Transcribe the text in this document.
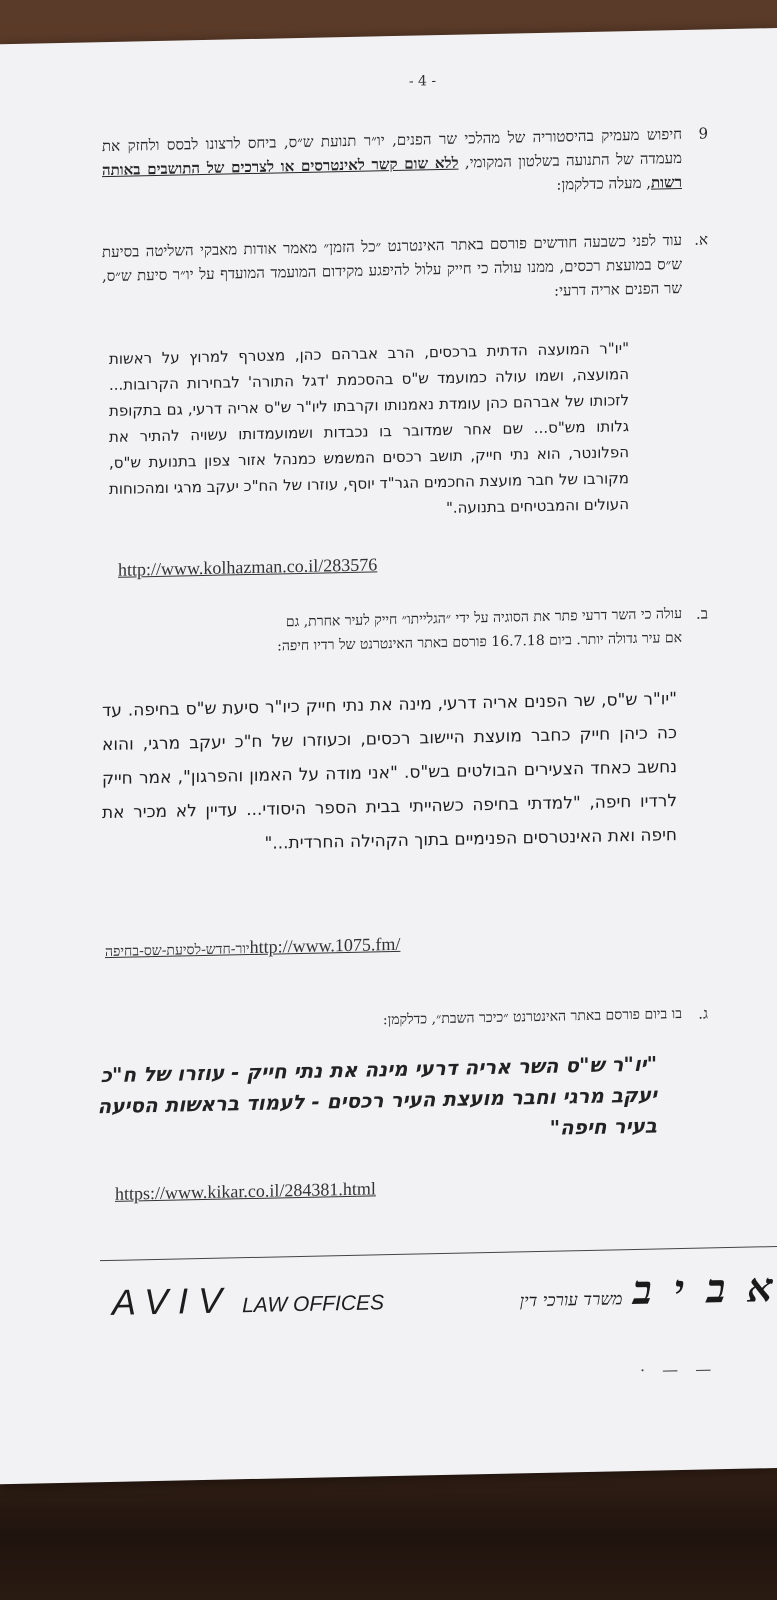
- 4 -
9
חיפוש מעמיק בהיסטוריה של מהלכי שר הפנים, יו״ר תנועת ש״ס, ביחס לרצונו לבסס ולחזק את מעמדה של התנועה בשלטון המקומי, ללא שום קשר לאינטרסים או לצרכים של התושבים באותה רשות, מעלה כדלקמן:
א.
עוד לפני כשבעה חודשים פורסם באתר האינטרנט ״כל הזמן״ מאמר אודות מאבקי השליטה בסיעת ש״ס במועצת רכסים, ממנו עולה כי חייק עלול להיפגע מקידום המועמד המועדף על יו״ר סיעת ש״ס, שר הפנים אריה דרעי:
"יו"ר המועצה הדתית ברכסים, הרב אברהם כהן, מצטרף למרוץ על ראשות המועצה, ושמו עולה כמועמד ש"ס בהסכמת 'דגל התורה' לבחירות הקרובות... לזכותו של אברהם כהן עומדת נאמנותו וקרבתו ליו"ר ש"ס אריה דרעי, גם בתקופת גלותו מש"ס... שם אחר שמדובר בו נכבדות ושמועמדותו עשויה להתיר את הפלונטר, הוא נתי חייק, תושב רכסים המשמש כמנהל אזור צפון בתנועת ש"ס, מקורבו של חבר מועצת החכמים הגר"ד יוסף, עוזרו של הח"כ יעקב מרגי ומהכוחות העולים והמבטיחים בתנועה."
http://www.kolhazman.co.il/283576
ב.
עולה כי השר דרעי פתר את הסוגיה על ידי ״הגלייתו״ חייק לעיר אחרת, גם
אם עיר גדולה יותר. ביום 16.7.18 פורסם באתר האינטרנט של רדיו חיפה:
"יו"ר ש"ס, שר הפנים אריה דרעי, מינה את נתי חייק כיו"ר סיעת ש"ס בחיפה. עד כה כיהן חייק כחבר מועצת היישוב רכסים, וכעוזרו של ח"כ יעקב מרגי, והוא נחשב כאחד הצעירים הבולטים בש"ס. "אני מודה על האמון והפרגון", אמר חייק לרדיו חיפה, "למדתי בחיפה כשהייתי בבית הספר היסודי... עדיין לא מכיר את חיפה ואת האינטרסים הפנימיים בתוך הקהילה החרדית..."
יור-חדש-לסיעת-שס-בחיפהhttp://www.1075.fm/
ג.
בו ביום פורסם באתר האינטרנט ״כיכר השבת״, כדלקמן:
"יו"ר ש"ס השר אריה דרעי מינה את נתי חייק - עוזרו של ח"כ יעקב מרגי וחבר מועצת העיר רכסים - לעמוד בראשות הסיעה בעיר חיפה"
https://www.kikar.co.il/284381.html
AVIV LAW OFFICES	א ב י במשרד עורכי דין
— — ·
